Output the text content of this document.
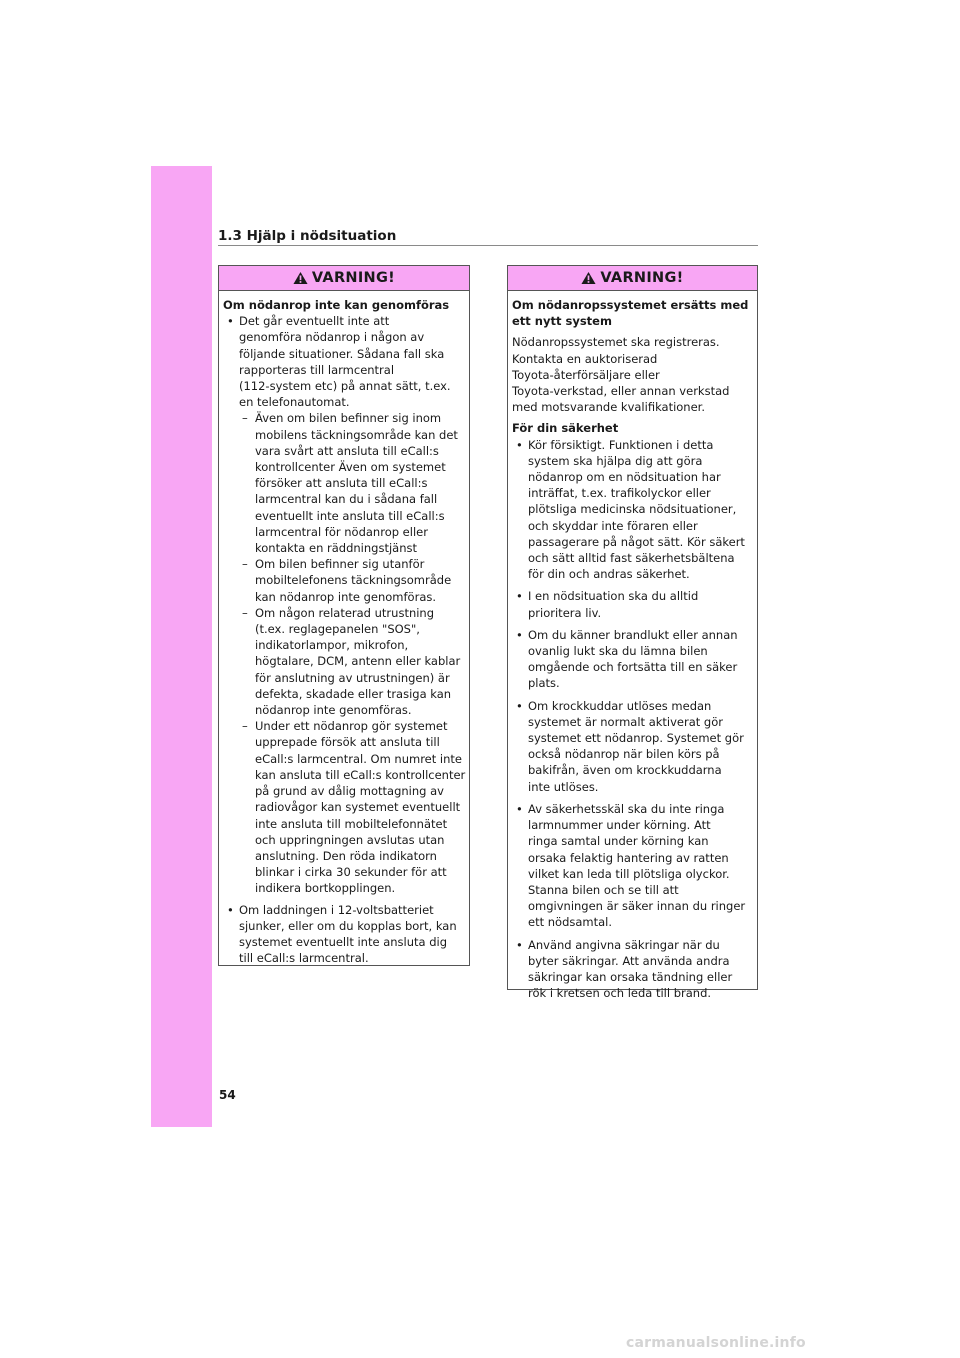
1.3 Hjälp i nödsituation
VARNING!
Om nödanrop inte kan genomföras
• Det går eventuellt inte att
genomföra nödanrop i någon av
följande situationer. Sådana fall ska
rapporteras till larmcentral
(112-system etc) på annat sätt, t.ex.
en telefonautomat.
– Även om bilen befinner sig inom
mobilens täckningsområde kan det
vara svårt att ansluta till eCall:s
kontrollcenter Även om systemet
försöker att ansluta till eCall:s
larmcentral kan du i sådana fall
eventuellt inte ansluta till eCall:s
larmcentral för nödanrop eller
kontakta en räddningstjänst
– Om bilen befinner sig utanför
mobiltelefonens täckningsområde
kan nödanrop inte genomföras.
– Om någon relaterad utrustning
(t.ex. reglagepanelen "SOS",
indikatorlampor, mikrofon,
högtalare, DCM, antenn eller kablar
för anslutning av utrustningen) är
defekta, skadade eller trasiga kan
nödanrop inte genomföras.
– Under ett nödanrop gör systemet
upprepade försök att ansluta till
eCall:s larmcentral. Om numret inte
kan ansluta till eCall:s kontrollcenter
på grund av dålig mottagning av
radiovågor kan systemet eventuellt
inte ansluta till mobiltelefonnätet
och uppringningen avslutas utan
anslutning. Den röda indikatorn
blinkar i cirka 30 sekunder för att
indikera bortkopplingen.
• Om laddningen i 12-voltsbatteriet
sjunker, eller om du kopplas bort, kan
systemet eventuellt inte ansluta dig
till eCall:s larmcentral.
VARNING!
Om nödanropssystemet ersätts med
ett nytt system
Nödanropssystemet ska registreras.
Kontakta en auktoriserad
Toyota-återförsäljare eller
Toyota-verkstad, eller annan verkstad
med motsvarande kvalifikationer.
För din säkerhet
• Kör försiktigt. Funktionen i detta
system ska hjälpa dig att göra
nödanrop om en nödsituation har
inträffat, t.ex. trafikolyckor eller
plötsliga medicinska nödsituationer,
och skyddar inte föraren eller
passagerare på något sätt. Kör säkert
och sätt alltid fast säkerhetsbältena
för din och andras säkerhet.
• I en nödsituation ska du alltid
prioritera liv.
• Om du känner brandlukt eller annan
ovanlig lukt ska du lämna bilen
omgående och fortsätta till en säker
plats.
• Om krockkuddar utlöses medan
systemet är normalt aktiverat gör
systemet ett nödanrop. Systemet gör
också nödanrop när bilen körs på
bakifrån, även om krockkuddarna
inte utlöses.
• Av säkerhetsskäl ska du inte ringa
larmnummer under körning. Att
ringa samtal under körning kan
orsaka felaktig hantering av ratten
vilket kan leda till plötsliga olyckor.
Stanna bilen och se till att
omgivningen är säker innan du ringer
ett nödsamtal.
• Använd angivna säkringar när du
byter säkringar. Att använda andra
säkringar kan orsaka tändning eller
rök i kretsen och leda till brand.
54
carmanualsonline.info
